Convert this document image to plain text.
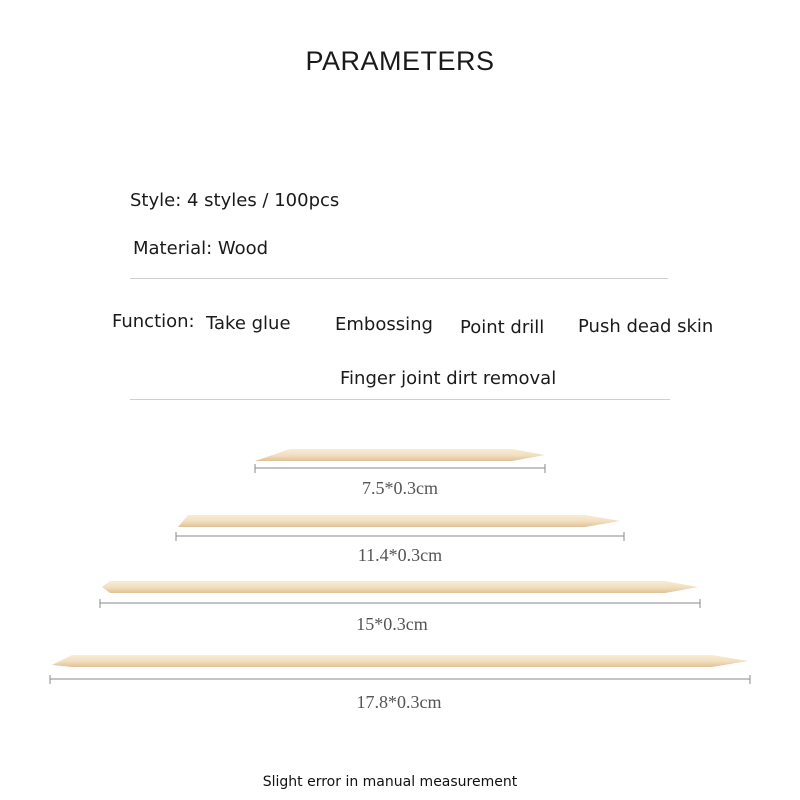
PARAMETERS
Style: 4 styles / 100pcs
Material: Wood
Function: Take glue Embossing Point drill Push dead skin
Finger joint dirt removal
7.5*0.3cm
11.4*0.3cm
15*0.3cm
17.8*0.3cm
Slight error in manual measurement
